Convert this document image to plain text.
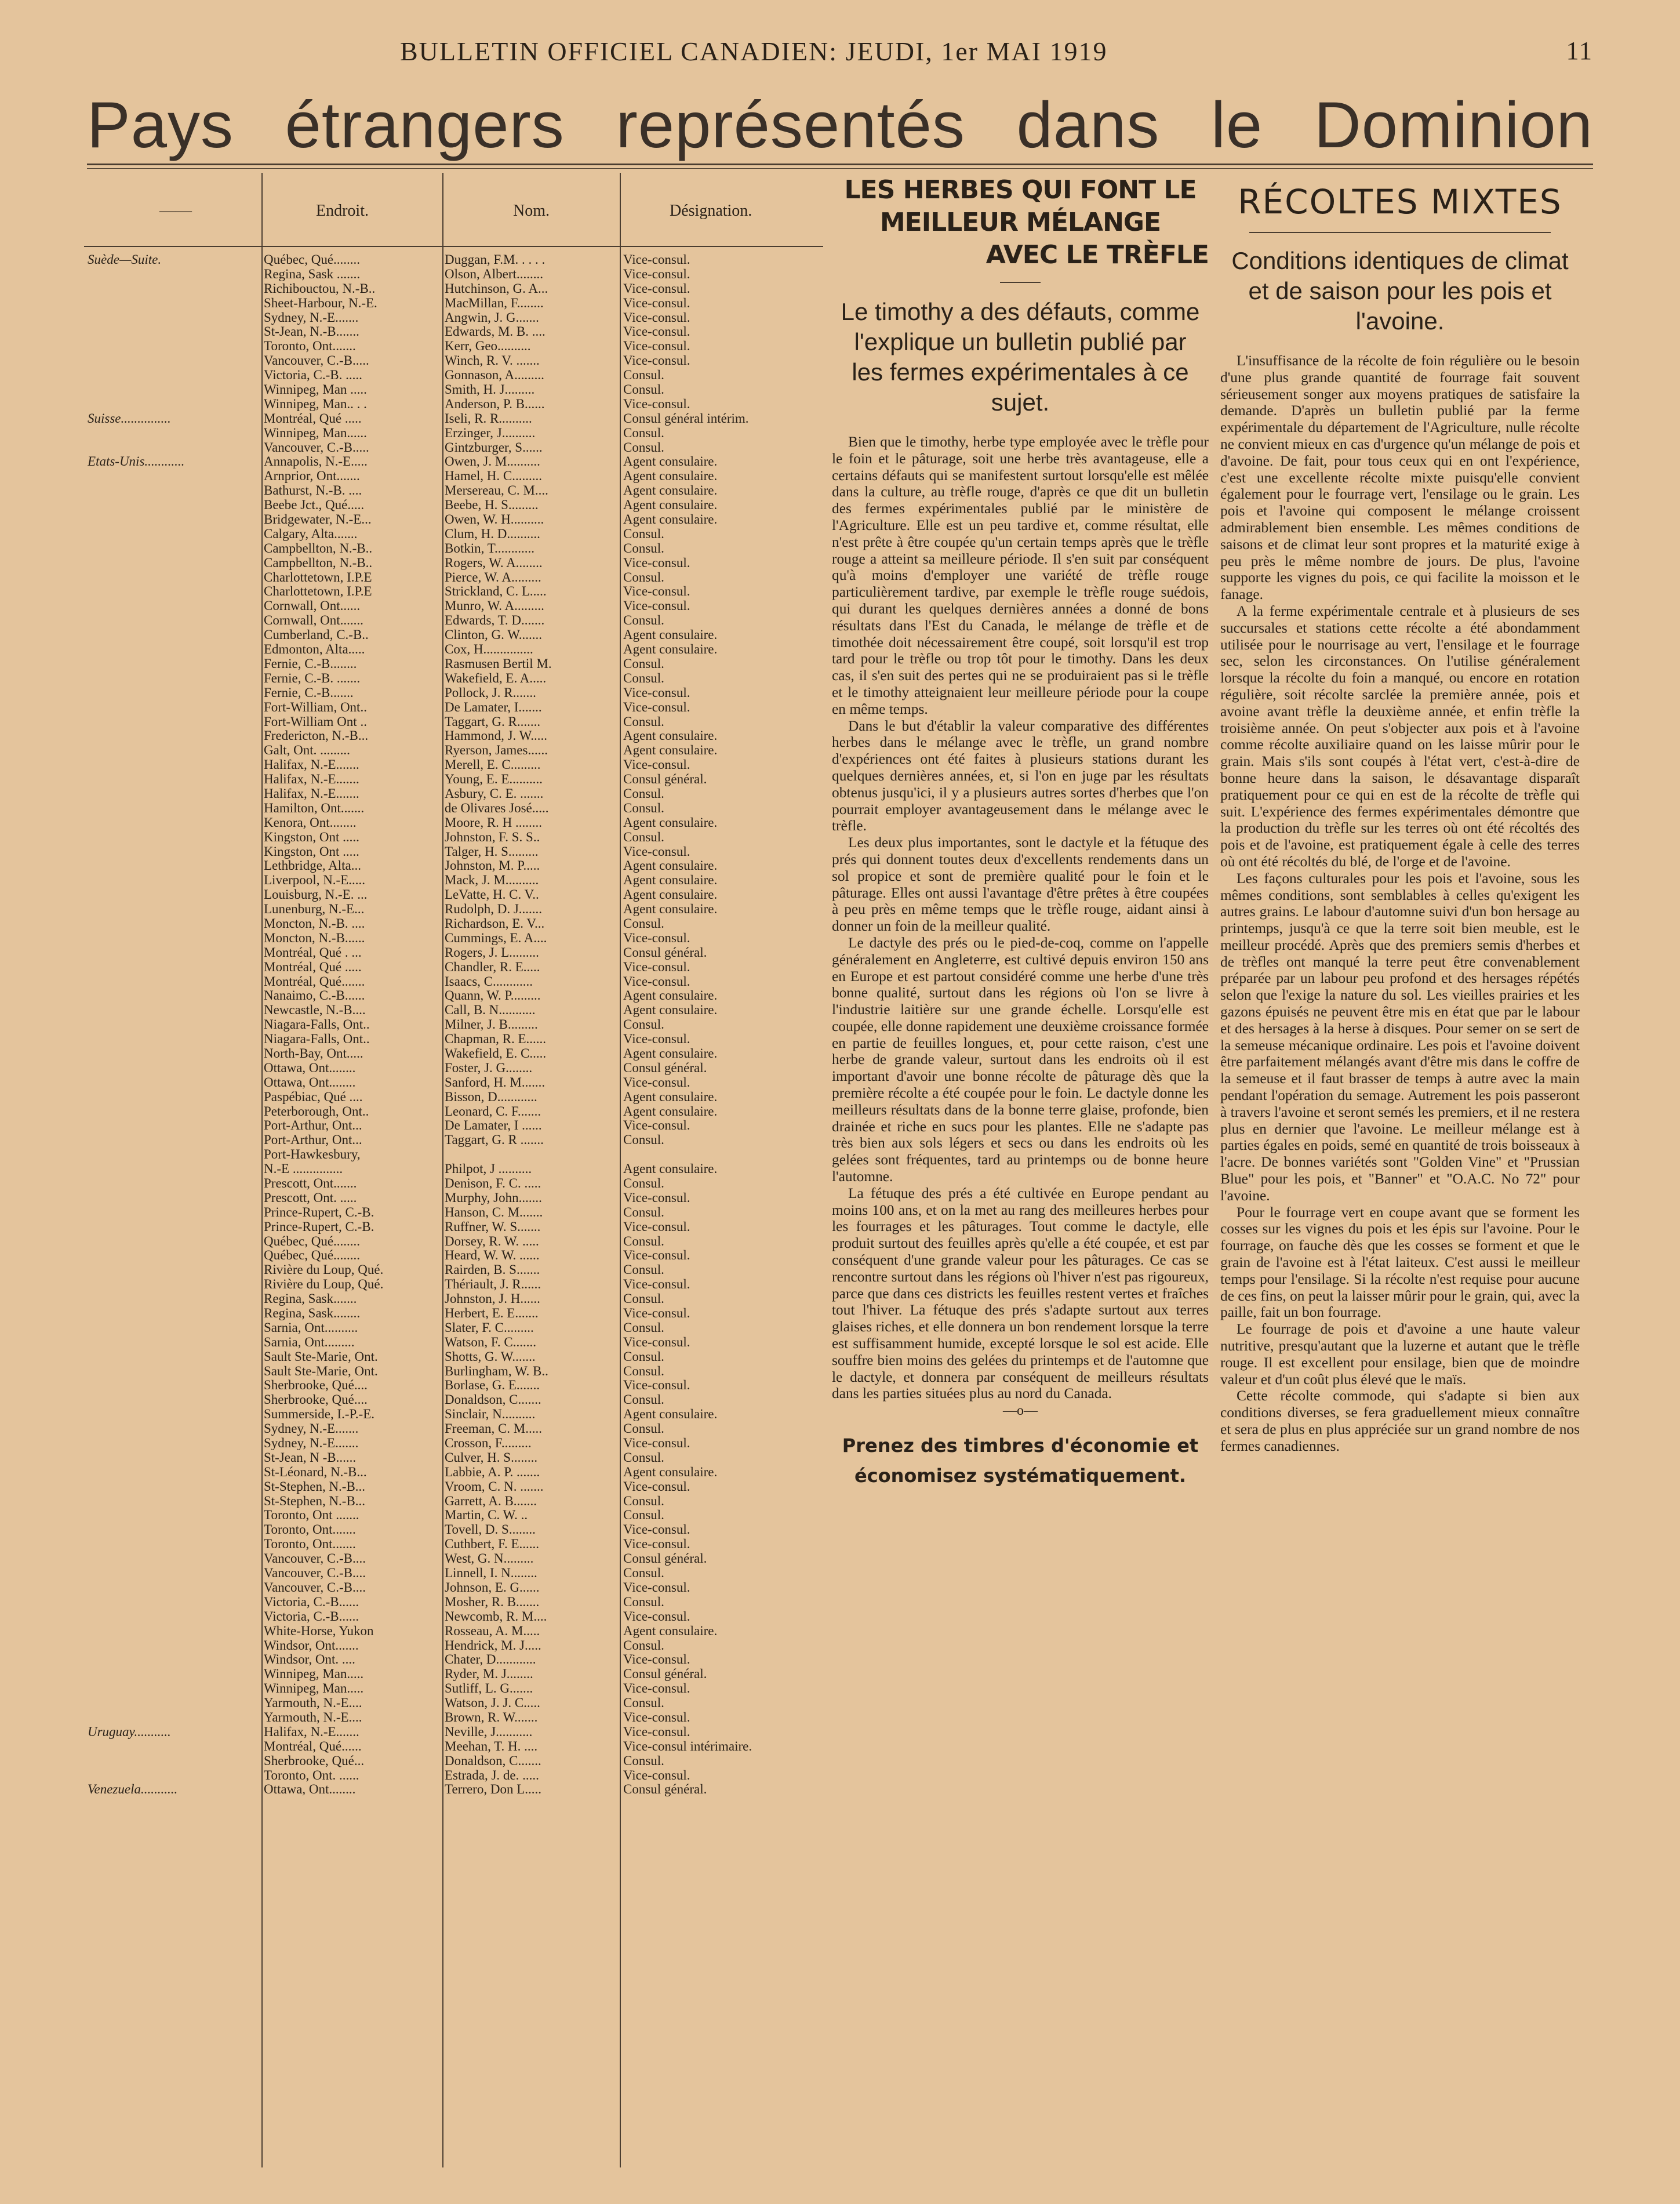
BULLETIN OFFICIEL CANADIEN: JEUDI, 1er MAI 1919	11
Pays étrangers représentés dans le Dominion
——	Endroit.	Nom.	Désignation.
Suède—Suite.	Québec, Qué........	Duggan, F.M. . . . .	Vice-consul.
Regina, Sask .......	Olson, Albert........	Vice-consul.
Richibouctou, N.-B..	Hutchinson, G. A...	Vice-consul.
Sheet-Harbour, N.-E.	MacMillan, F........	Vice-consul.
Sydney, N.-E.......	Angwin, J. G.......	Vice-consul.
St-Jean, N.-B.......	Edwards, M. B. ....	Vice-consul.
Toronto, Ont.......	Kerr, Geo..........	Vice-consul.
Vancouver, C.-B.....	Winch, R. V. .......	Vice-consul.
Victoria, C.-B. .....	Gonnason, A.........	Consul.
Winnipeg, Man .....	Smith, H. J.........	Consul.
Winnipeg, Man.. . .	Anderson, P. B......	Vice-consul.
Suisse...............	Montréal, Qué .....	Iseli, R. R..........	Consul général intérim.
Winnipeg, Man......	Erzinger, J..........	Consul.
Vancouver, C.-B.....	Gintzburger, S......	Consul.
Etats-Unis............	Annapolis, N.-E.....	Owen, J. M..........	Agent consulaire.
Arnprior, Ont.......	Hamel, H. C.........	Agent consulaire.
Bathurst, N.-B. ....	Mersereau, C. M....	Agent consulaire.
Beebe Jct., Qué.....	Beebe, H. S.........	Agent consulaire.
Bridgewater, N.-E...	Owen, W. H..........	Agent consulaire.
Calgary, Alta.......	Clum, H. D..........	Consul.
Campbellton, N.-B..	Botkin, T............	Consul.
Campbellton, N.-B..	Rogers, W. A........	Vice-consul.
Charlottetown, I.P.E	Pierce, W. A.........	Consul.
Charlottetown, I.P.E	Strickland, C. L.....	Vice-consul.
Cornwall, Ont......	Munro, W. A.........	Vice-consul.
Cornwall, Ont.......	Edwards, T. D.......	Consul.
Cumberland, C.-B..	Clinton, G. W.......	Agent consulaire.
Edmonton, Alta.....	Cox, H...............	Agent consulaire.
Fernie, C.-B........	Rasmusen Bertil M.	Consul.
Fernie, C.-B. .......	Wakefield, E. A.....	Consul.
Fernie, C.-B.......	Pollock, J. R.......	Vice-consul.
Fort-William, Ont..	De Lamater, I.......	Vice-consul.
Fort-William Ont ..	Taggart, G. R.......	Consul.
Fredericton, N.-B...	Hammond, J. W.....	Agent consulaire.
Galt, Ont. .........	Ryerson, James......	Agent consulaire.
Halifax, N.-E.......	Merell, E. C.........	Vice-consul.
Halifax, N.-E.......	Young, E. E..........	Consul général.
Halifax, N.-E.......	Asbury, C. E. .......	Consul.
Hamilton, Ont.......	de Olivares José.....	Consul.
Kenora, Ont........	Moore, R. H ........	Agent consulaire.
Kingston, Ont .....	Johnston, F. S. S..	Consul.
Kingston, Ont .....	Talger, H. S.........	Vice-consul.
Lethbridge, Alta...	Johnston, M. P.....	Agent consulaire.
Liverpool, N.-E.....	Mack, J. M..........	Agent consulaire.
Louisburg, N.-E. ...	LeVatte, H. C. V..	Agent consulaire.
Lunenburg, N.-E...	Rudolph, D. J.......	Agent consulaire.
Moncton, N.-B. ....	Richardson, E. V...	Consul.
Moncton, N.-B......	Cummings, E. A....	Vice-consul.
Montréal, Qué . ...	Rogers, J. L.........	Consul général.
Montréal, Qué .....	Chandler, R. E.....	Vice-consul.
Montréal, Qué.......	Isaacs, C............	Vice-consul.
Nanaimo, C.-B......	Quann, W. P.........	Agent consulaire.
Newcastle, N.-B....	Call, B. N...........	Agent consulaire.
Niagara-Falls, Ont..	Milner, J. B.........	Consul.
Niagara-Falls, Ont..	Chapman, R. E......	Vice-consul.
North-Bay, Ont.....	Wakefield, E. C.....	Agent consulaire.
Ottawa, Ont........	Foster, J. G........	Consul général.
Ottawa, Ont........	Sanford, H. M.......	Vice-consul.
Paspébiac, Qué ....	Bisson, D............	Agent consulaire.
Peterborough, Ont..	Leonard, C. F.......	Agent consulaire.
Port-Arthur, Ont...	De Lamater, I ......	Vice-consul.
Port-Arthur, Ont...	Taggart, G. R .......	Consul.
Port-Hawkesbury,
N.-E ...............	Philpot, J ..........	Agent consulaire.
Prescott, Ont.......	Denison, F. C. .....	Consul.
Prescott, Ont. .....	Murphy, John.......	Vice-consul.
Prince-Rupert, C.-B.	Hanson, C. M.......	Consul.
Prince-Rupert, C.-B.	Ruffner, W. S.......	Vice-consul.
Québec, Qué........	Dorsey, R. W. .....	Consul.
Québec, Qué........	Heard, W. W. ......	Vice-consul.
Rivière du Loup, Qué.	Rairden, B. S.......	Consul.
Rivière du Loup, Qué.	Thériault, J. R......	Vice-consul.
Regina, Sask.......	Johnston, J. H......	Consul.
Regina, Sask........	Herbert, E. E.......	Vice-consul.
Sarnia, Ont..........	Slater, F. C.........	Consul.
Sarnia, Ont.........	Watson, F. C.......	Vice-consul.
Sault Ste-Marie, Ont.	Shotts, G. W.......	Consul.
Sault Ste-Marie, Ont.	Burlingham, W. B..	Consul.
Sherbrooke, Qué....	Borlase, G. E.......	Vice-consul.
Sherbrooke, Qué....	Donaldson, C.......	Consul.
Summerside, I.-P.-E.	Sinclair, N..........	Agent consulaire.
Sydney, N.-E.......	Freeman, C. M.....	Consul.
Sydney, N.-E.......	Crosson, F.........	Vice-consul.
St-Jean, N -B......	Culver, H. S........	Consul.
St-Léonard, N.-B...	Labbie, A. P. .......	Agent consulaire.
St-Stephen, N.-B...	Vroom, C. N. .......	Vice-consul.
St-Stephen, N.-B...	Garrett, A. B.......	Consul.
Toronto, Ont .......	Martin, C. W. ..	Consul.
Toronto, Ont.......	Tovell, D. S........	Vice-consul.
Toronto, Ont.......	Cuthbert, F. E......	Vice-consul.
Vancouver, C.-B....	West, G. N.........	Consul général.
Vancouver, C.-B....	Linnell, I. N........	Consul.
Vancouver, C.-B....	Johnson, E. G......	Vice-consul.
Victoria, C.-B......	Mosher, R. B.......	Consul.
Victoria, C.-B......	Newcomb, R. M....	Vice-consul.
White-Horse, Yukon	Rosseau, A. M.....	Agent consulaire.
Windsor, Ont.......	Hendrick, M. J.....	Consul.
Windsor, Ont. ....	Chater, D............	Vice-consul.
Winnipeg, Man.....	Ryder, M. J........	Consul général.
Winnipeg, Man.....	Sutliff, L. G.......	Vice-consul.
Yarmouth, N.-E....	Watson, J. J. C.....	Consul.
Yarmouth, N.-E....	Brown, R. W.......	Vice-consul.
Uruguay...........	Halifax, N.-E.......	Neville, J...........	Vice-consul.
Montréal, Qué......	Meehan, T. H. ....	Vice-consul intérimaire.
Sherbrooke, Qué...	Donaldson, C.......	Consul.
Toronto, Ont. ......	Estrada, J. de. .....	Vice-consul.
Venezuela...........	Ottawa, Ont........	Terrero, Don L.....	Consul général.
LES HERBES QUI FONT LE
MEILLEUR MÉLANGE
AVEC LE TRÈFLE
Le timothy a des défauts, comme l'explique un bulletin publié par les fermes expérimentales à ce sujet.

Bien que le timothy, herbe type employée avec le trèfle pour le foin et le pâturage, soit une herbe très avantageuse, elle a certains défauts qui se manifestent surtout lorsqu'elle est mêlée dans la culture, au trèfle rouge, d'après ce que dit un bulletin des fermes expérimentales publié par le ministère de l'Agriculture. Elle est un peu tardive et, comme résultat, elle n'est prête à être coupée qu'un certain temps après que le trèfle rouge a atteint sa meilleure période. Il s'en suit par conséquent qu'à moins d'employer une variété de trèfle rouge particulièrement tardive, par exemple le trèfle rouge suédois, qui durant les quelques dernières années a donné de bons résultats dans l'Est du Canada, le mélange de trèfle et de timothée doit nécessairement être coupé, soit lorsqu'il est trop tard pour le trèfle ou trop tôt pour le timothy. Dans les deux cas, il s'en suit des pertes qui ne se produiraient pas si le trèfle et le timothy atteignaient leur meilleure période pour la coupe en même temps.

Dans le but d'établir la valeur comparative des différentes herbes dans le mélange avec le trèfle, un grand nombre d'expériences ont été faites à plusieurs stations durant les quelques dernières années, et, si l'on en juge par les résultats obtenus jusqu'ici, il y a plusieurs autres sortes d'herbes que l'on pourrait employer avantageusement dans le mélange avec le trèfle.

Les deux plus importantes, sont le dactyle et la fétuque des prés qui donnent toutes deux d'excellents rendements dans un sol propice et sont de première qualité pour le foin et le pâturage. Elles ont aussi l'avantage d'être prêtes à être coupées à peu près en même temps que le trèfle rouge, aidant ainsi à donner un foin de la meilleur qualité.

Le dactyle des prés ou le pied-de-coq, comme on l'appelle généralement en Angleterre, est cultivé depuis environ 150 ans en Europe et est partout considéré comme une herbe d'une très bonne qualité, surtout dans les régions où l'on se livre à l'industrie laitière sur une grande échelle. Lorsqu'elle est coupée, elle donne rapidement une deuxième croissance formée en partie de feuilles longues, et, pour cette raison, c'est une herbe de grande valeur, surtout dans les endroits où il est important d'avoir une bonne récolte de pâturage dès que la première récolte a été coupée pour le foin. Le dactyle donne les meilleurs résultats dans de la bonne terre glaise, profonde, bien drainée et riche en sucs pour les plantes. Elle ne s'adapte pas très bien aux sols légers et secs ou dans les endroits où les gelées sont fréquentes, tard au printemps ou de bonne heure l'automne.

La fétuque des prés a été cultivée en Europe pendant au moins 100 ans, et on la met au rang des meilleures herbes pour les fourrages et les pâturages. Tout comme le dactyle, elle produit surtout des feuilles après qu'elle a été coupée, et est par conséquent d'une grande valeur pour les pâturages. Ce cas se rencontre surtout dans les régions où l'hiver n'est pas rigoureux, parce que dans ces districts les feuilles restent vertes et fraîches tout l'hiver. La fétuque des prés s'adapte surtout aux terres glaises riches, et elle donnera un bon rendement lorsque la terre est suffisamment humide, excepté lorsque le sol est acide. Elle souffre bien moins des gelées du printemps et de l'automne que le dactyle, et donnera par conséquent de meilleurs résultats dans les parties situées plus au nord du Canada.

—o—
Prenez des timbres d'économie et économisez systématiquement.
RÉCOLTES MIXTES
Conditions identiques de climat et de saison pour les pois et l'avoine.

L'insuffisance de la récolte de foin régulière ou le besoin d'une plus grande quantité de fourrage fait souvent sérieusement songer aux moyens pratiques de satisfaire la demande. D'après un bulletin publié par la ferme expérimentale du département de l'Agriculture, nulle récolte ne convient mieux en cas d'urgence qu'un mélange de pois et d'avoine. De fait, pour tous ceux qui en ont l'expérience, c'est une excellente récolte mixte puisqu'elle convient également pour le fourrage vert, l'ensilage ou le grain. Les pois et l'avoine qui composent le mélange croissent admirablement bien ensemble. Les mêmes conditions de saisons et de climat leur sont propres et la maturité exige à peu près le même nombre de jours. De plus, l'avoine supporte les vignes du pois, ce qui facilite la moisson et le fanage.

A la ferme expérimentale centrale et à plusieurs de ses succursales et stations cette récolte a été abondamment utilisée pour le nourrisage au vert, l'ensilage et le fourrage sec, selon les circonstances. On l'utilise généralement lorsque la récolte du foin a manqué, ou encore en rotation régulière, soit récolte sarclée la première année, pois et avoine avant trèfle la deuxième année, et enfin trèfle la troisième année. On peut s'objecter aux pois et à l'avoine comme récolte auxiliaire quand on les laisse mûrir pour le grain. Mais s'ils sont coupés à l'état vert, c'est-à-dire de bonne heure dans la saison, le désavantage disparaît pratiquement pour ce qui en est de la récolte de trèfle qui suit. L'expérience des fermes expérimentales démontre que la production du trèfle sur les terres où ont été récoltés des pois et de l'avoine, est pratiquement égale à celle des terres où ont été récoltés du blé, de l'orge et de l'avoine.

Les façons culturales pour les pois et l'avoine, sous les mêmes conditions, sont semblables à celles qu'exigent les autres grains. Le labour d'automne suivi d'un bon hersage au printemps, jusqu'à ce que la terre soit bien meuble, est le meilleur procédé. Après que des premiers semis d'herbes et de trèfles ont manqué la terre peut être convenablement préparée par un labour peu profond et des hersages répétés selon que l'exige la nature du sol. Les vieilles prairies et les gazons épuisés ne peuvent être mis en état que par le labour et des hersages à la herse à disques. Pour semer on se sert de la semeuse mécanique ordinaire. Les pois et l'avoine doivent être parfaitement mélangés avant d'être mis dans le coffre de la semeuse et il faut brasser de temps à autre avec la main pendant l'opération du semage. Autrement les pois passeront à travers l'avoine et seront semés les premiers, et il ne restera plus en dernier que l'avoine. Le meilleur mélange est à parties égales en poids, semé en quantité de trois boisseaux à l'acre. De bonnes variétés sont "Golden Vine" et "Prussian Blue" pour les pois, et "Banner" et "O.A.C. No 72" pour l'avoine.

Pour le fourrage vert en coupe avant que se forment les cosses sur les vignes du pois et les épis sur l'avoine. Pour le fourrage, on fauche dès que les cosses se forment et que le grain de l'avoine est à l'état laiteux. C'est aussi le meilleur temps pour l'ensilage. Si la récolte n'est requise pour aucune de ces fins, on peut la laisser mûrir pour le grain, qui, avec la paille, fait un bon fourrage.

Le fourrage de pois et d'avoine a une haute valeur nutritive, presqu'autant que la luzerne et autant que le trèfle rouge. Il est excellent pour ensilage, bien que de moindre valeur et d'un coût plus élevé que le maïs.

Cette récolte commode, qui s'adapte si bien aux conditions diverses, se fera graduellement mieux connaître et sera de plus en plus appréciée sur un grand nombre de nos fermes canadiennes.
